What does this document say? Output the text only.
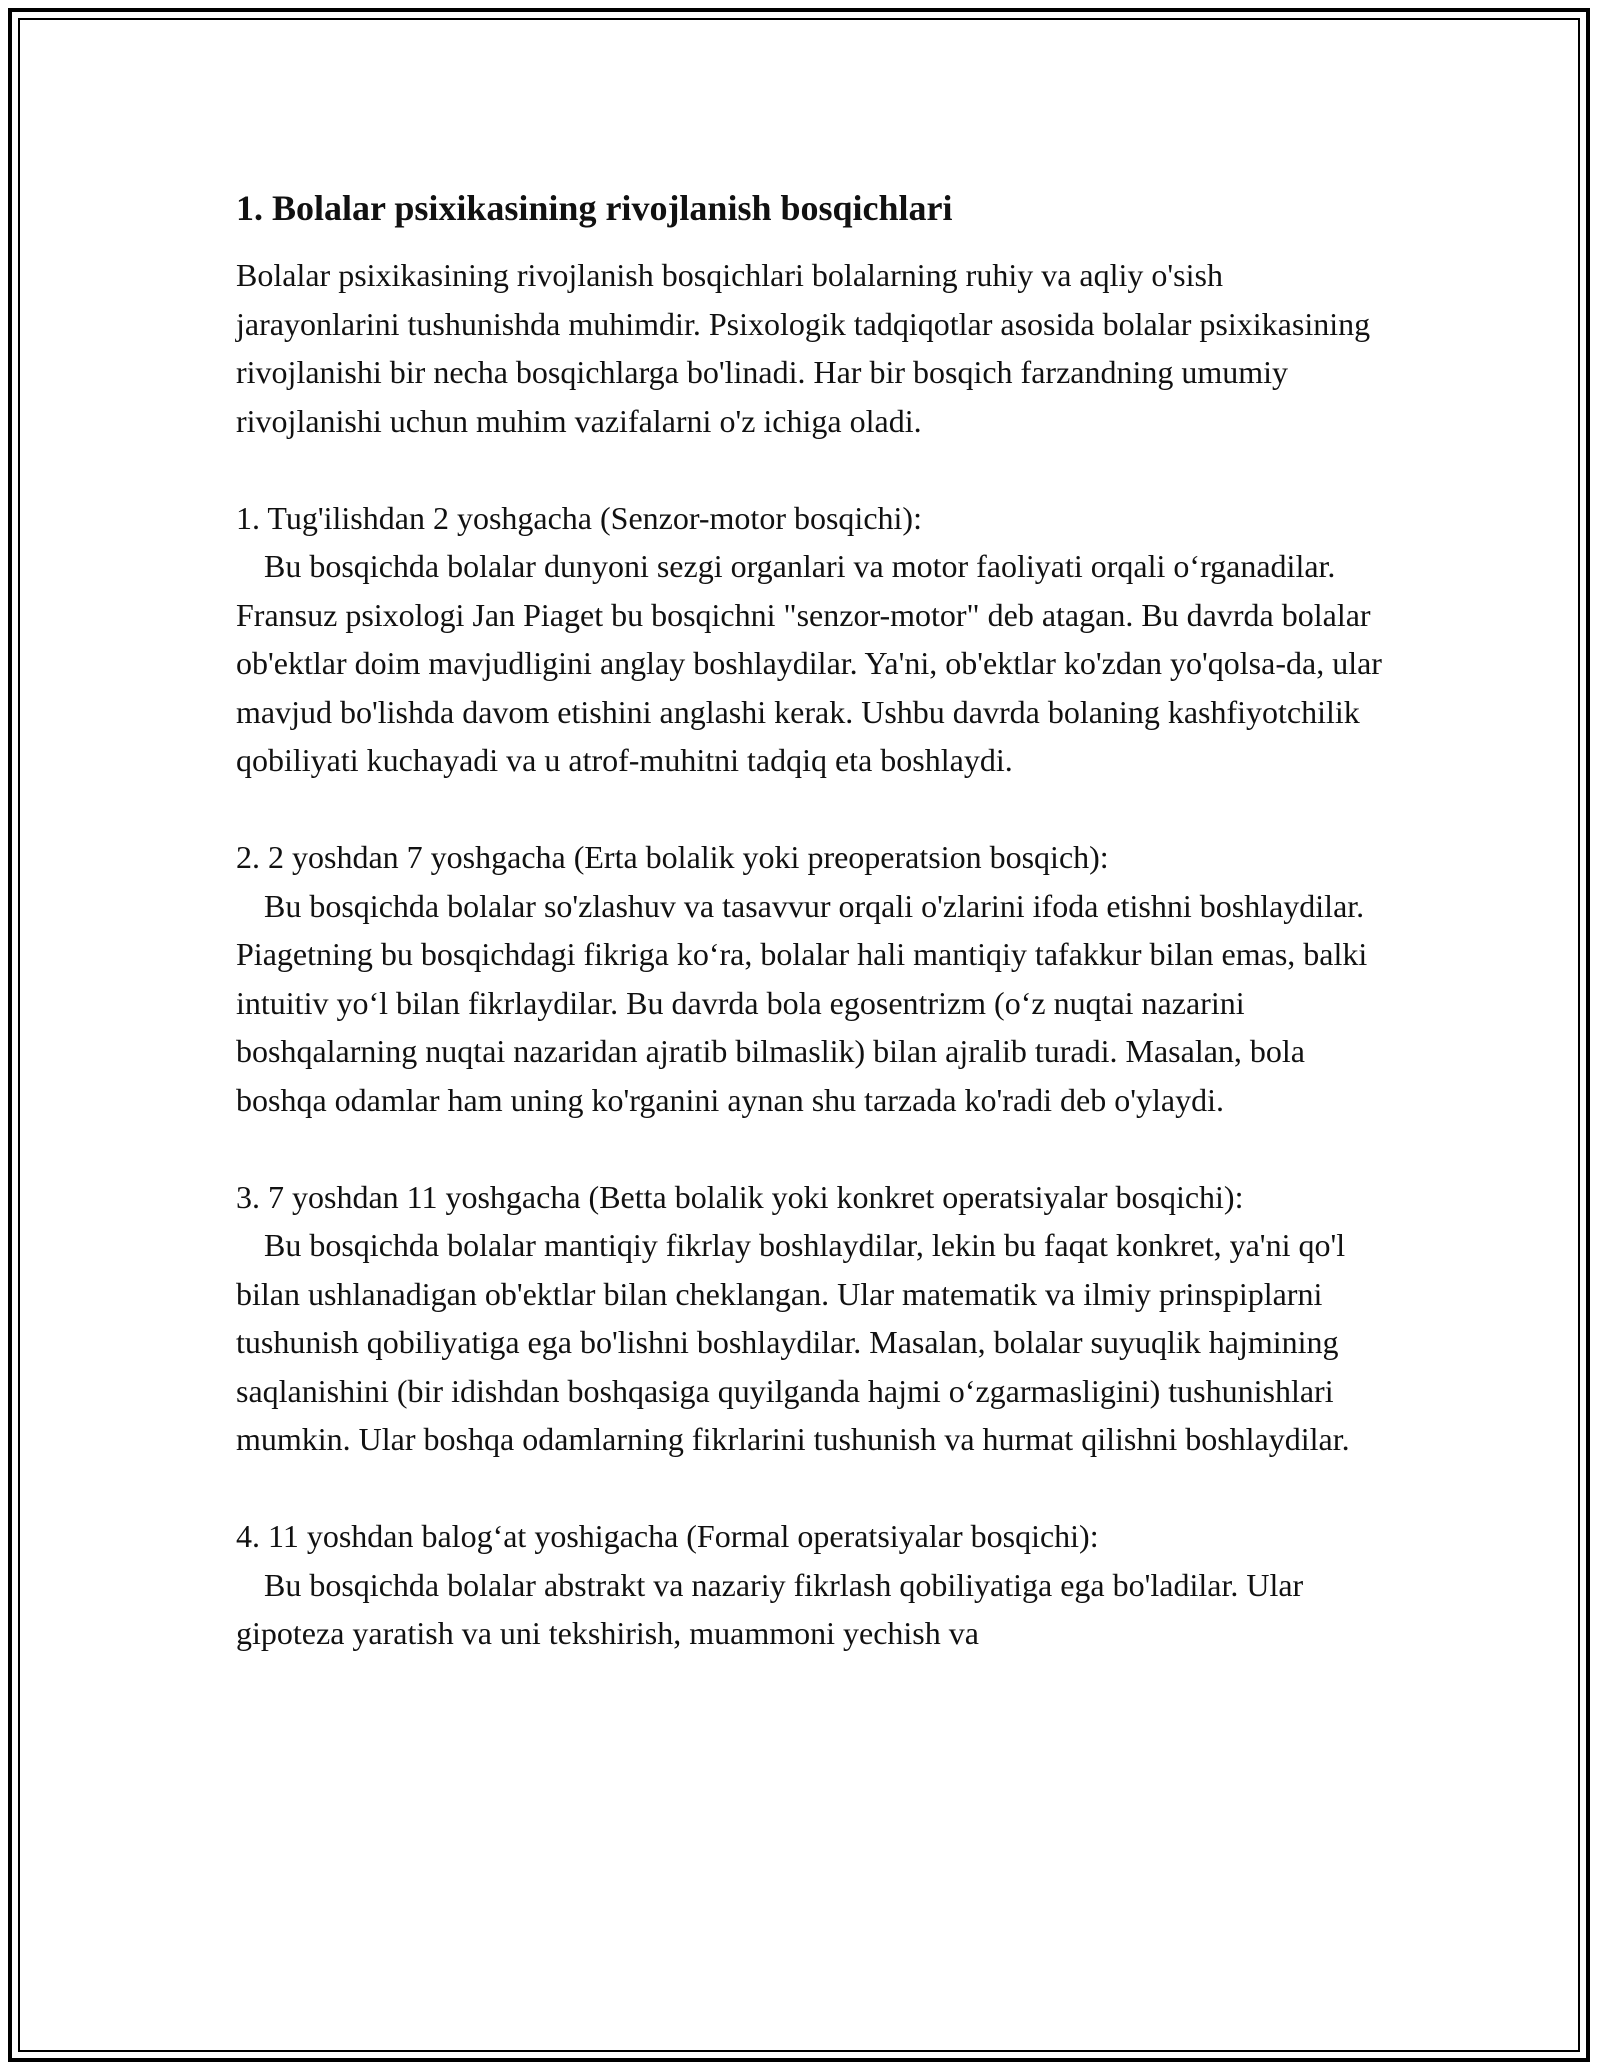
1. Bolalar psixikasining rivojlanish bosqichlari

Bolalar psixikasining rivojlanish bosqichlari bolalarning ruhiy va aqliy o'sish jarayonlarini tushunishda muhimdir. Psixologik tadqiqotlar asosida bolalar psixikasining rivojlanishi bir necha bosqichlarga bo'linadi. Har bir bosqich farzandning umumiy rivojlanishi uchun muhim vazifalarni o'z ichiga oladi.

1. Tug'ilishdan 2 yoshgacha (Senzor-motor bosqichi):

Bu bosqichda bolalar dunyoni sezgi organlari va motor faoliyati orqali o‘rganadilar. Fransuz psixologi Jan Piaget bu bosqichni "senzor-motor" deb atagan. Bu davrda bolalar ob'ektlar doim mavjudligini anglay boshlaydilar. Ya'ni, ob'ektlar ko'zdan yo'qolsa-da, ular mavjud bo'lishda davom etishini anglashi kerak. Ushbu davrda bolaning kashfiyotchilik qobiliyati kuchayadi va u atrof-muhitni tadqiq eta boshlaydi.

2. 2 yoshdan 7 yoshgacha (Erta bolalik yoki preoperatsion bosqich):

Bu bosqichda bolalar so'zlashuv va tasavvur orqali o'zlarini ifoda etishni boshlaydilar. Piagetning bu bosqichdagi fikriga ko‘ra, bolalar hali mantiqiy tafakkur bilan emas, balki intuitiv yo‘l bilan fikrlaydilar. Bu davrda bola egosentrizm (o‘z nuqtai nazarini boshqalarning nuqtai nazaridan ajratib bilmaslik) bilan ajralib turadi. Masalan, bola boshqa odamlar ham uning ko'rganini aynan shu tarzada ko'radi deb o'ylaydi.

3. 7 yoshdan 11 yoshgacha (Betta bolalik yoki konkret operatsiyalar bosqichi):

Bu bosqichda bolalar mantiqiy fikrlay boshlaydilar, lekin bu faqat konkret, ya'ni qo'l bilan ushlanadigan ob'ektlar bilan cheklangan. Ular matematik va ilmiy prinspiplarni tushunish qobiliyatiga ega bo'lishni boshlaydilar. Masalan, bolalar suyuqlik hajmining saqlanishini (bir idishdan boshqasiga quyilganda hajmi o‘zgarmasligini) tushunishlari mumkin. Ular boshqa odamlarning fikrlarini tushunish va hurmat qilishni boshlaydilar.

4. 11 yoshdan balog‘at yoshigacha (Formal operatsiyalar bosqichi):

Bu bosqichda bolalar abstrakt va nazariy fikrlash qobiliyatiga ega bo'ladilar. Ular gipoteza yaratish va uni tekshirish, muammoni yechish va
